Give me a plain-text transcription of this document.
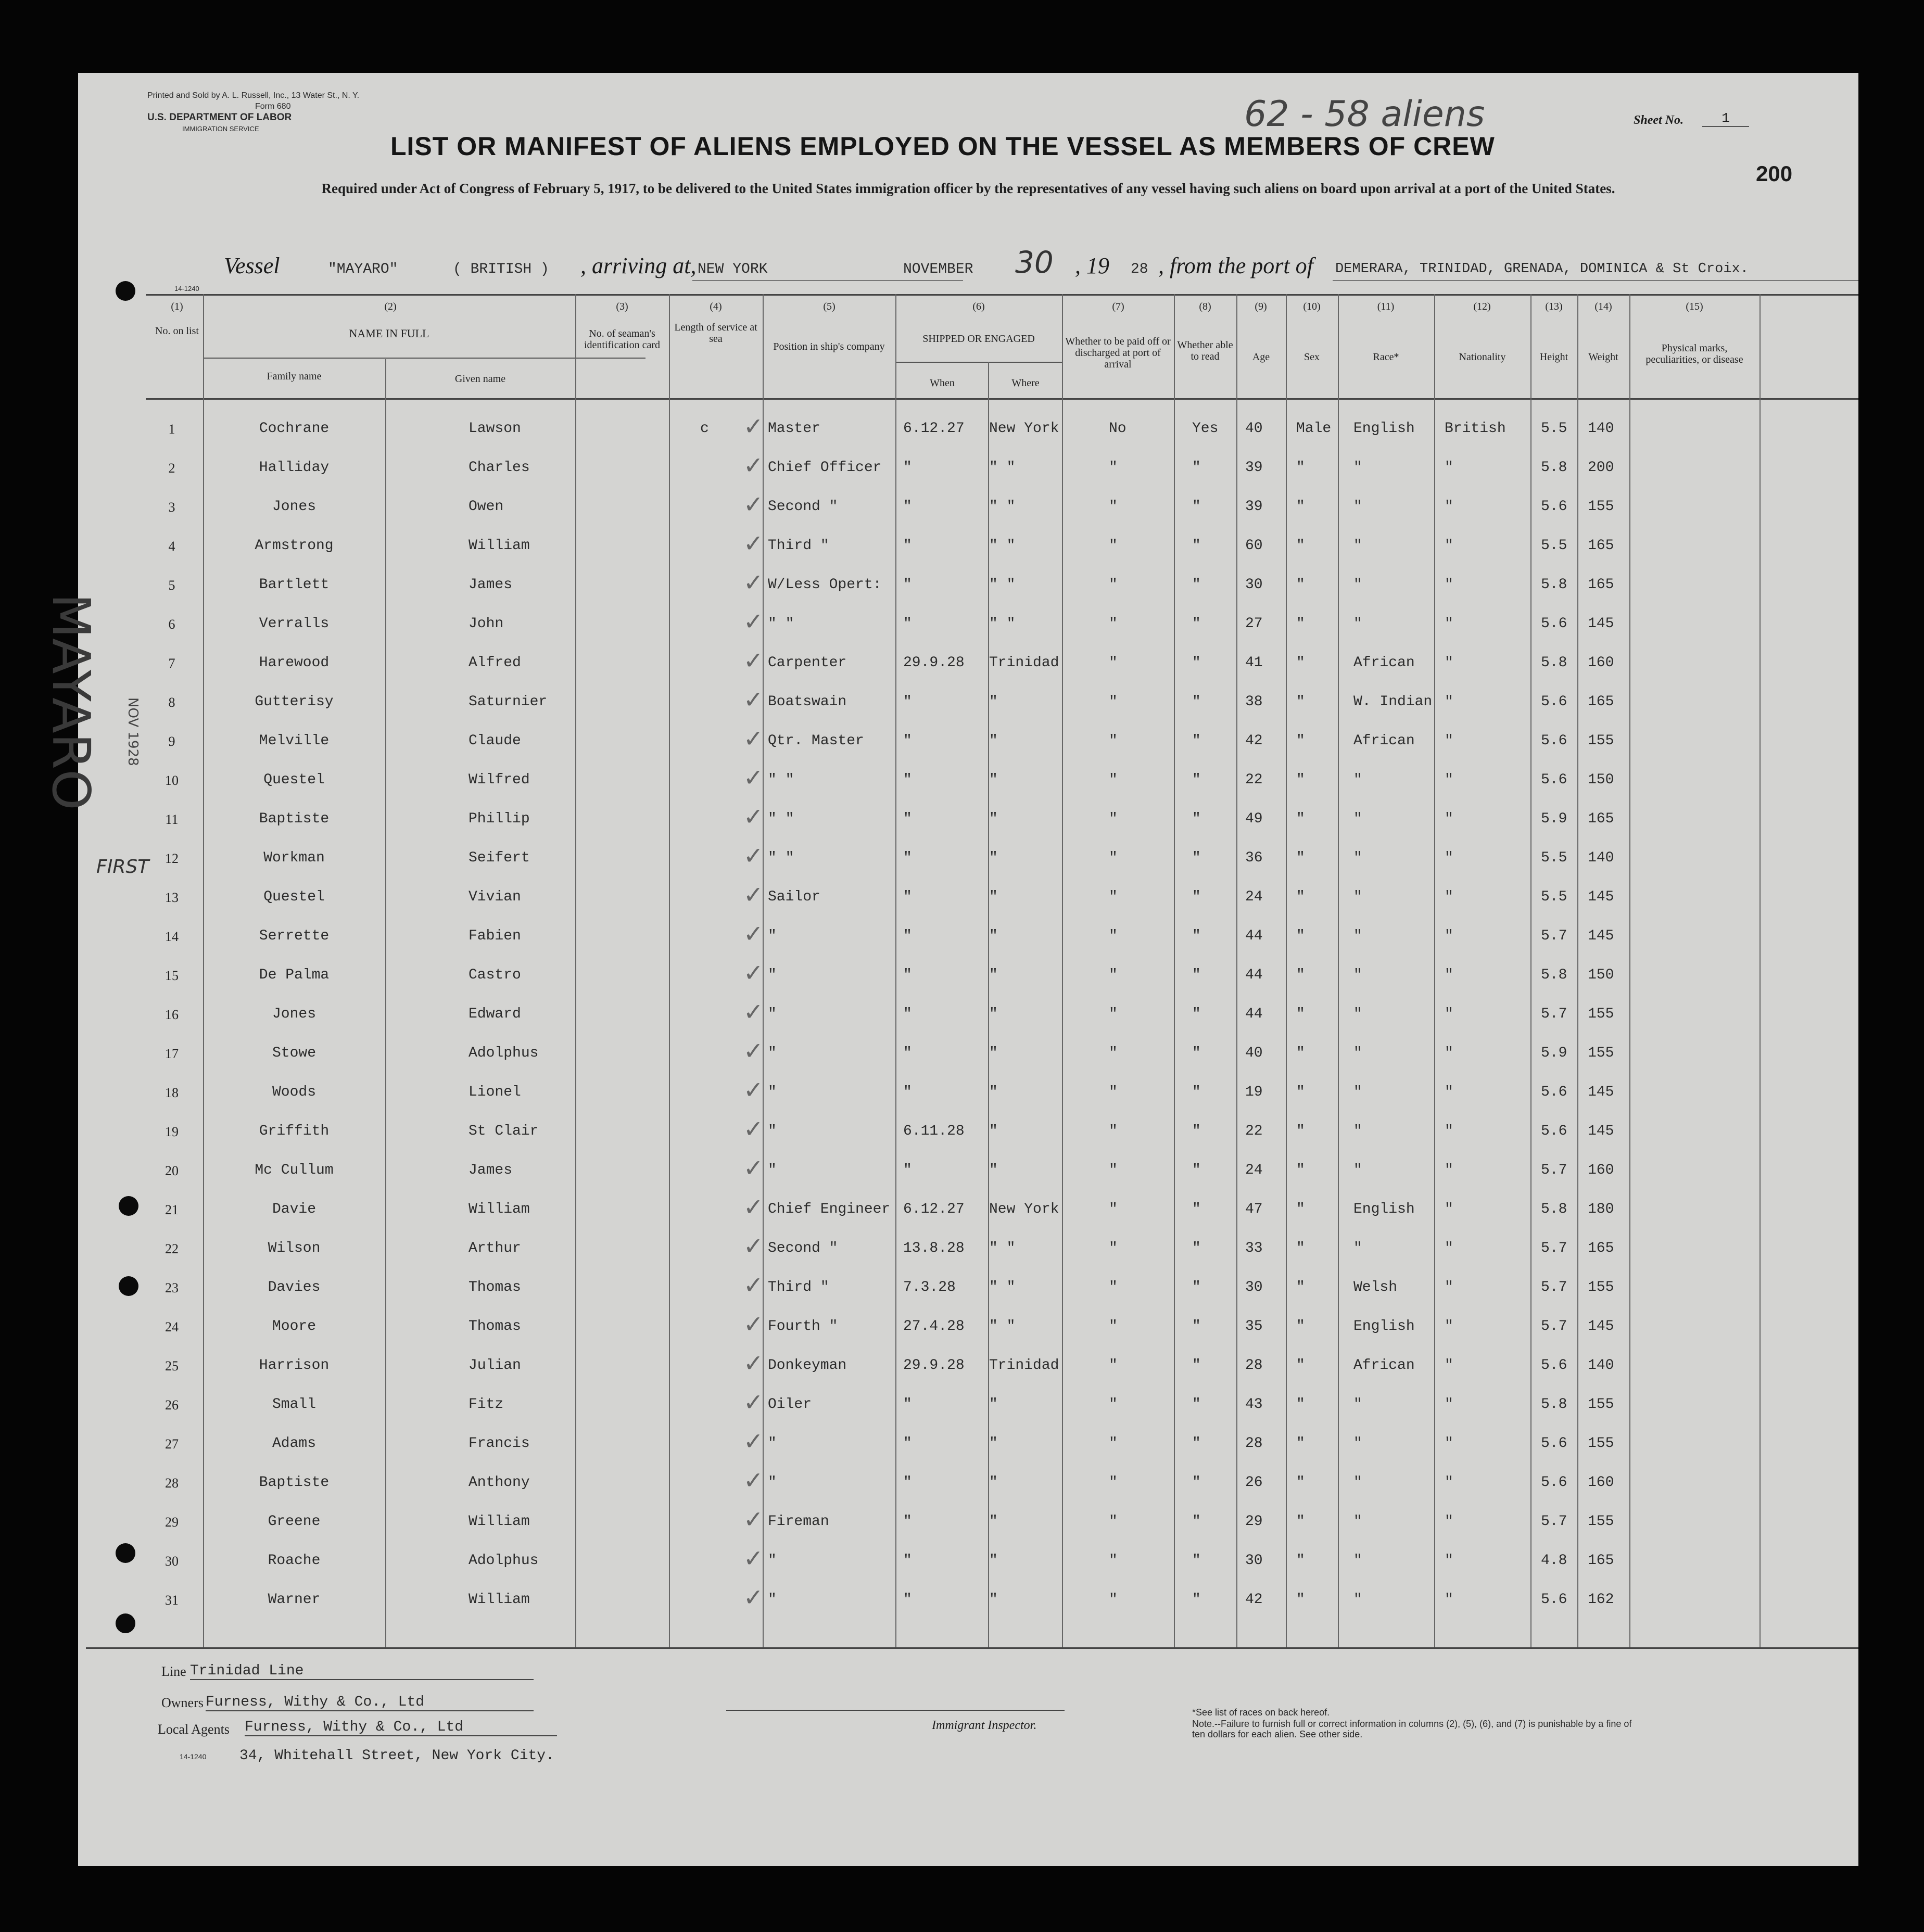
Printed and Sold by A. L. Russell, Inc., 13 Water St., N. Y.
Form 680
U.S. DEPARTMENT OF LABOR
IMMIGRATION SERVICE	62 - 58 aliens	Sheet No.	1
200
LIST OR MANIFEST OF ALIENS EMPLOYED ON THE VESSEL AS MEMBERS OF CREW
Required under Act of Congress of February 5, 1917, to be delivered to the United States immigration officer by the representatives of any vessel having such aliens on board upon arrival at a port of the United States.
Vessel	"MAYARO"	( BRITISH ) , arriving at, NEW YORK	NOVEMBER 30 , 19 28 , from the port of DEMERARA, TRINIDAD, GRENADA, DOMINICA & St Croix.
14-1240
(1)	(2)	(3)	(4)	(5)	(6)	(7)	(8)	(9)	(10)	(11)	(12)	(13)	(14)	(15)
No. on list	NAME IN FULL
Family name	Given name
No. of seaman's identification card
Length of service at sea
Position in ship's company
SHIPPED OR ENGAGED
When	Where
Whether to be paid off or discharged at port of arrival
Whether able to read	Age	Sex	Race*	Nationality	Height	Weight
Physical marks, peculiarities, or disease
1	✓
Cochrane	Lawson	c	Master	6.12.27 New York	No	Yes 40 Male English British 5.5 140
2	✓
Halliday	Charles	Chief Officer "	" "	"	"	39 "	"	"	5.8 200
3	✓
Jones	Owen	Second "	"	" "	"	"	39 "	"	"	5.6 155
4	✓
Armstrong	William	Third "	"	" "	"	"	60 "	"	"	5.5 165
5	✓
Bartlett	James	W/Less Opert: "	" "	"	"	30 "	"	"	5.8 165
6	✓
Verralls	John	" "	"	" "	"	"	27 "	"	"	5.6 145
7	✓
Harewood	Alfred	Carpenter	29.9.28 Trinidad	"	"	41 "	African "	5.8 160
8	✓
Gutterisy	Saturnier	Boatswain	"	"	"	"	38 "	W. Indian "	5.6 165
9	✓
Melville	Claude	Qtr. Master	"	"	"	"	42 "	African "	5.6 155
10	✓
Questel	Wilfred	" "	"	"	"	"	22 "	"	"	5.6 150
11	✓
Baptiste	Phillip	" "	"	"	"	"	49 "	"	"	5.9 165
12	✓
Workman	Seifert	" "	"	"	"	"	36 "	"	"	5.5 140
13	✓
Questel	Vivian	Sailor	"	"	"	"	24 "	"	"	5.5 145
14	✓
Serrette	Fabien	"	"	"	"	"	44 "	"	"	5.7 145
15	✓
De Palma	Castro	"	"	"	"	"	44 "	"	"	5.8 150
16	✓
Jones	Edward	"	"	"	"	"	44 "	"	"	5.7 155
17	✓
Stowe	Adolphus	"	"	"	"	"	40 "	"	"	5.9 155
18	✓
Woods	Lionel	"	"	"	"	"	19 "	"	"	5.6 145
19	✓
Griffith	St Clair	"	6.11.28 "	"	"	22 "	"	"	5.6 145
20	✓
Mc Cullum	James	"	"	"	"	"	24 "	"	"	5.7 160
21	✓
Davie	William	Chief Engineer 6.12.27 New York	"	"	47 "	English "	5.8 180
22	✓
Wilson	Arthur	Second "	13.8.28 " "	"	"	33 "	"	"	5.7 165
23	✓
Davies	Thomas	Third "	7.3.28 " "	"	"	30 "	Welsh	"	5.7 155
24	✓
Moore	Thomas	Fourth "	27.4.28 " "	"	"	35 "	English "	5.7 145
25	✓
Harrison	Julian	Donkeyman	29.9.28 Trinidad	"	"	28 "	African "	5.6 140
26	✓
Small	Fitz	Oiler	"	"	"	"	43 "	"	"	5.8 155
27	✓
Adams	Francis	"	"	"	"	"	28 "	"	"	5.6 155
28	✓
Baptiste	Anthony	"	"	"	"	"	26 "	"	"	5.6 160
29	✓
Greene	William	Fireman	"	"	"	"	29 "	"	"	5.7 155
30	✓
Roache	Adolphus	"	"	"	"	"	30 "	"	"	4.8 165
31	✓
Warner	William	"	"	"	"	"	42 "	"	"	5.6 162
MAYARO NOV 1928
FIRST
Line Trinidad Line
Owners Furness, Withy & Co., Ltd
Local Agents Furness, Withy & Co., Ltd
14-1240 34, Whitehall Street, New York City.
Immigrant Inspector.
*See list of races on back hereof.
Note.--Failure to furnish full or correct information in columns (2), (5), (6), and (7) is punishable by a fine of ten dollars for each alien. See other side.
